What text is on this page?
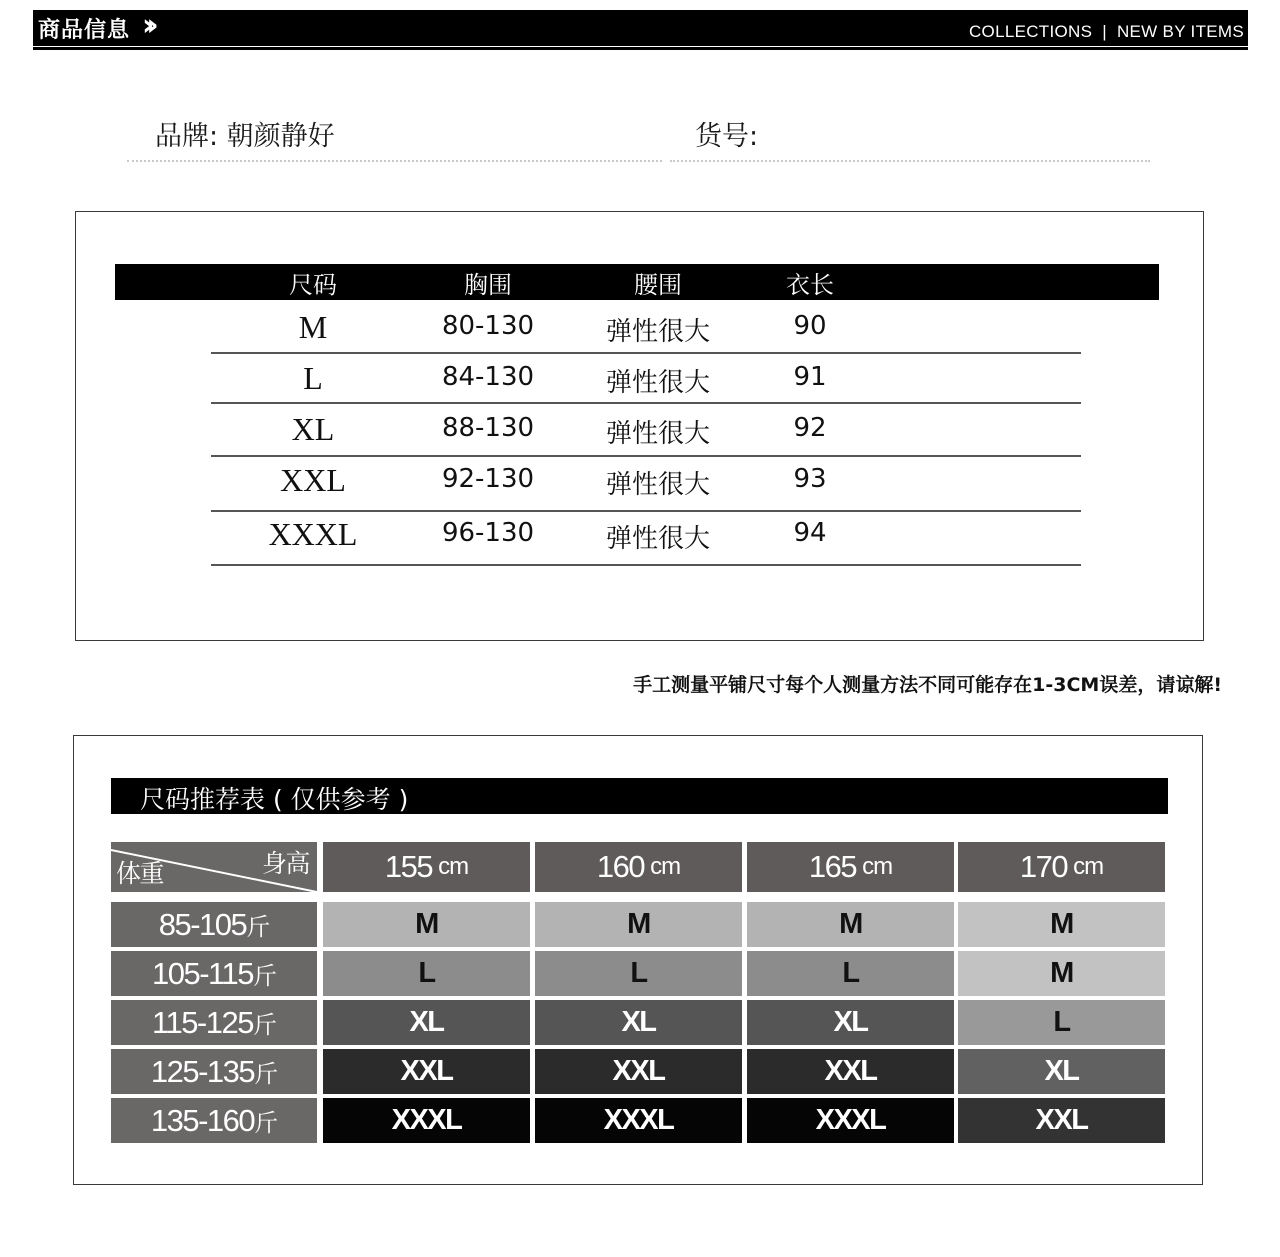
商品信息 ››	COLLECTIONS | NEW BY ITEMS
品牌: 朝颜静好	货号:
尺码	胸围	腰围	衣长
M	80-130	弹性很大	90
L	84-130	弹性很大	91
XL	88-130	弹性很大	92
XXL	92-130	弹性很大	93
XXXL	96-130	弹性很大	94
手工测量平铺尺寸每个人测量方法不同可能存在1-3CM误差，请谅解!
尺码推荐表 ( 仅供参考 )
身高
体重	155 cm	160 cm	165 cm	170 cm
85-105 斤	M	M	M	M
105-115 斤	L	L	L	M
115-125 斤	XL	XL	XL	L
125-135 斤	XXL	XXL	XXL	XL
135-160 斤	XXXL	XXXL	XXXL	XXL
